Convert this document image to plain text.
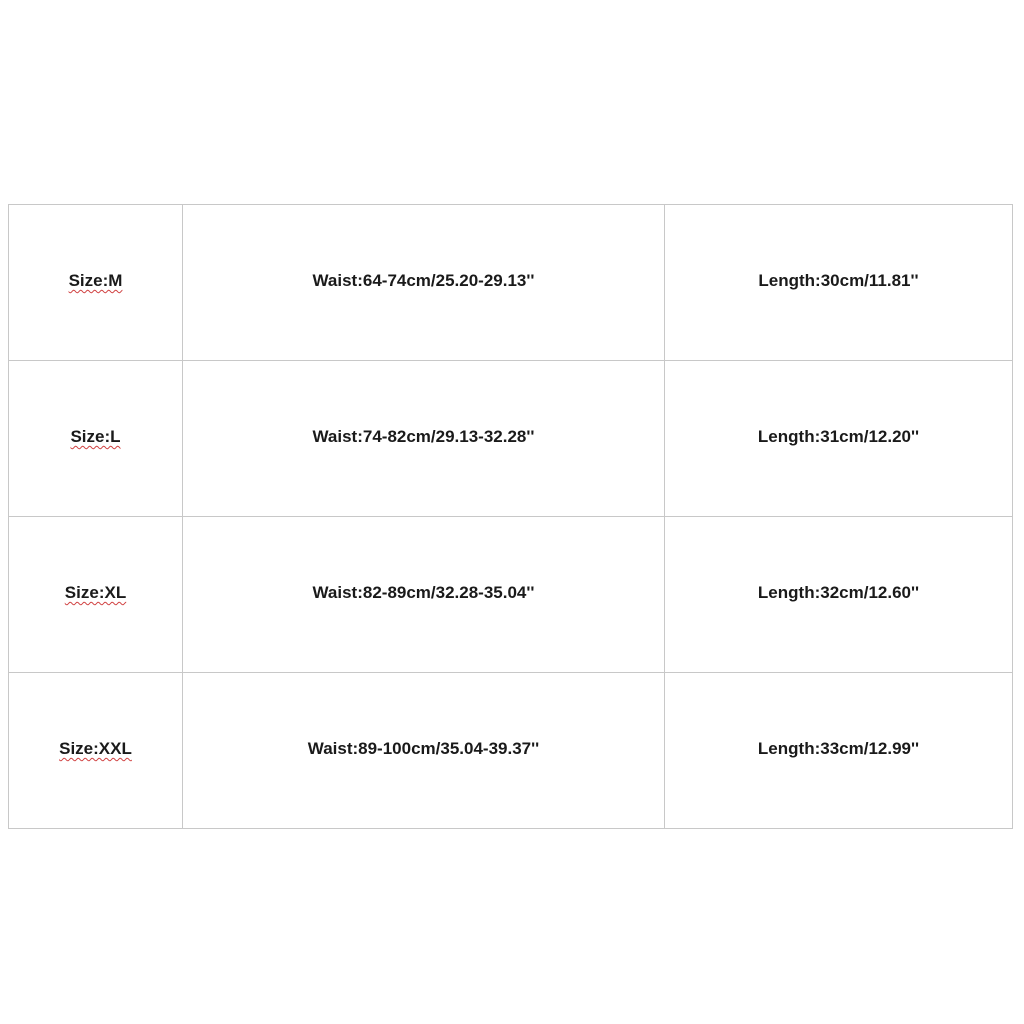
Size:M	Waist:64-74cm/25.20-29.13''	Length:30cm/11.81''
Size:L	Waist:74-82cm/29.13-32.28''	Length:31cm/12.20''
Size:XL	Waist:82-89cm/32.28-35.04''	Length:32cm/12.60''
Size:XXL	Waist:89-100cm/35.04-39.37''	Length:33cm/12.99''
